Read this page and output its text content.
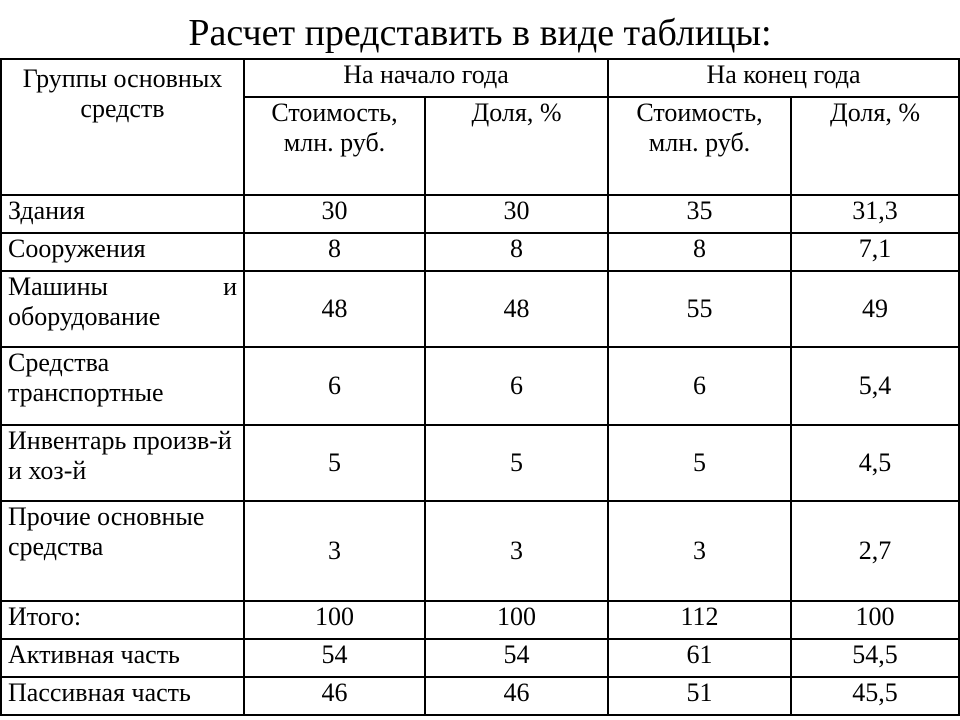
Расчет представить в виде таблицы:
Группы основных средств	На начало года		На конец года	
	Стоимость, млн. руб.	Доля, %	Стоимость, млн. руб.	Доля, %
Здания	30	30	35	31,3
Сооружения	8	8	8	7,1

Машины и
оборудование	48	48	55	49
Средства транспортные	6	6	6	5,4
Инвентарь произв-й и хоз-й	5	5	5	4,5
Прочие основные средства	3	3	3	2,7
Итого:	100	100	112	100
Активная часть	54	54	61	54,5
Пассивная часть	46	46	51	45,5
